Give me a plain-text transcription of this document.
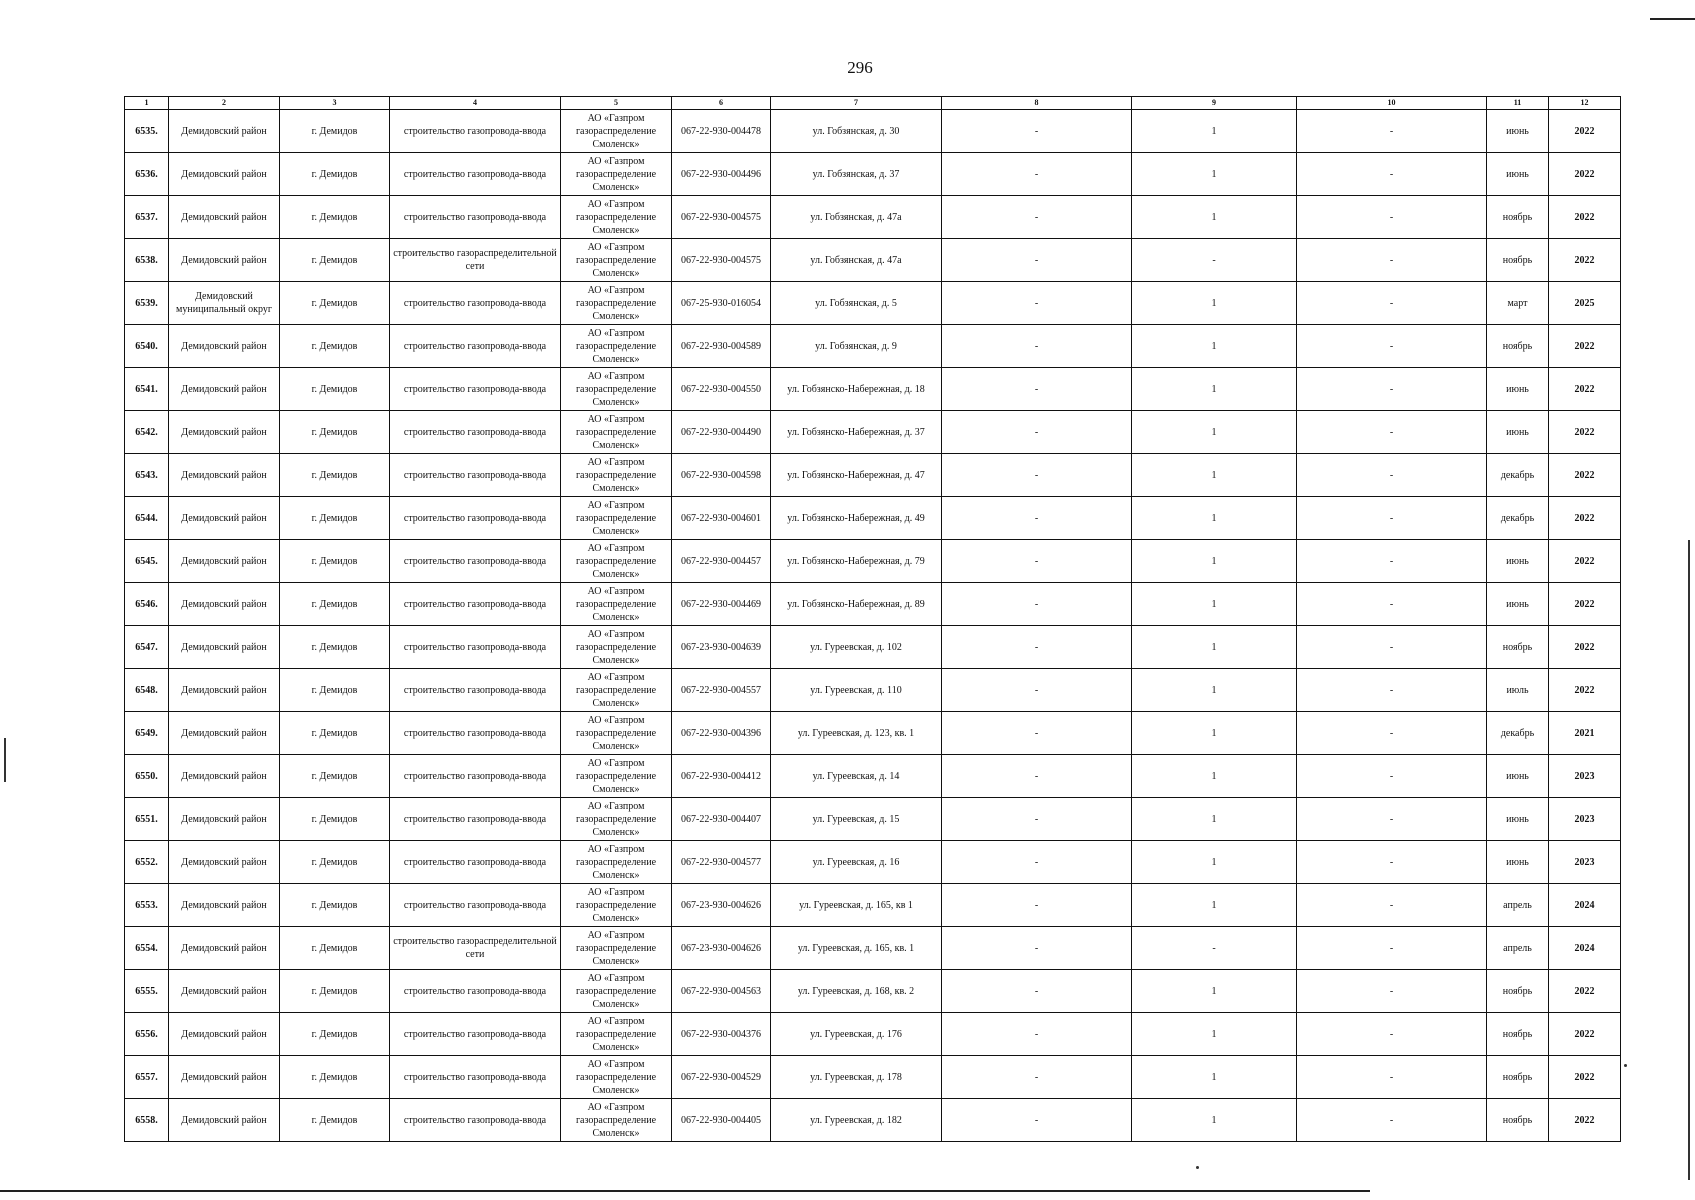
296
1	2	3	4	5	6	7	8	9	10	11	12
6535.	Демидовский район	г. Демидов	строительство газопровода-ввода	АО «Газпром
газораспределение
Смоленск»	067-22-930-004478	ул. Гобзянская, д. 30	-	1	-	июнь	2022
6536.	Демидовский район	г. Демидов	строительство газопровода-ввода	АО «Газпром
газораспределение
Смоленск»	067-22-930-004496	ул. Гобзянская, д. 37	-	1	-	июнь	2022
6537.	Демидовский район	г. Демидов	строительство газопровода-ввода	АО «Газпром
газораспределение
Смоленск»	067-22-930-004575	ул. Гобзянская, д. 47а	-	1	-	ноябрь	2022
6538.	Демидовский район	г. Демидов	строительство газораспределительной сети	АО «Газпром
газораспределение
Смоленск»	067-22-930-004575	ул. Гобзянская, д. 47а	-	-	-	ноябрь	2022
6539.	Демидовский муниципальный округ	г. Демидов	строительство газопровода-ввода	АО «Газпром
газораспределение
Смоленск»	067-25-930-016054	ул. Гобзянская, д. 5	-	1	-	март	2025
6540.	Демидовский район	г. Демидов	строительство газопровода-ввода	АО «Газпром
газораспределение
Смоленск»	067-22-930-004589	ул. Гобзянская, д. 9	-	1	-	ноябрь	2022
6541.	Демидовский район	г. Демидов	строительство газопровода-ввода	АО «Газпром
газораспределение
Смоленск»	067-22-930-004550	ул. Гобзянско-Набережная, д. 18	-	1	-	июнь	2022
6542.	Демидовский район	г. Демидов	строительство газопровода-ввода	АО «Газпром
газораспределение
Смоленск»	067-22-930-004490	ул. Гобзянско-Набережная, д. 37	-	1	-	июнь	2022
6543.	Демидовский район	г. Демидов	строительство газопровода-ввода	АО «Газпром
газораспределение
Смоленск»	067-22-930-004598	ул. Гобзянско-Набережная, д. 47	-	1	-	декабрь	2022
6544.	Демидовский район	г. Демидов	строительство газопровода-ввода	АО «Газпром
газораспределение
Смоленск»	067-22-930-004601	ул. Гобзянско-Набережная, д. 49	-	1	-	декабрь	2022
6545.	Демидовский район	г. Демидов	строительство газопровода-ввода	АО «Газпром
газораспределение
Смоленск»	067-22-930-004457	ул. Гобзянско-Набережная, д. 79	-	1	-	июнь	2022
6546.	Демидовский район	г. Демидов	строительство газопровода-ввода	АО «Газпром
газораспределение
Смоленск»	067-22-930-004469	ул. Гобзянско-Набережная, д. 89	-	1	-	июнь	2022
6547.	Демидовский район	г. Демидов	строительство газопровода-ввода	АО «Газпром
газораспределение
Смоленск»	067-23-930-004639	ул. Гуреевская, д. 102	-	1	-	ноябрь	2022
6548.	Демидовский район	г. Демидов	строительство газопровода-ввода	АО «Газпром
газораспределение
Смоленск»	067-22-930-004557	ул. Гуреевская, д. 110	-	1	-	июль	2022
6549.	Демидовский район	г. Демидов	строительство газопровода-ввода	АО «Газпром
газораспределение
Смоленск»	067-22-930-004396	ул. Гуреевская, д. 123, кв. 1	-	1	-	декабрь	2021
6550.	Демидовский район	г. Демидов	строительство газопровода-ввода	АО «Газпром
газораспределение
Смоленск»	067-22-930-004412	ул. Гуреевская, д. 14	-	1	-	июнь	2023
6551.	Демидовский район	г. Демидов	строительство газопровода-ввода	АО «Газпром
газораспределение
Смоленск»	067-22-930-004407	ул. Гуреевская, д. 15	-	1	-	июнь	2023
6552.	Демидовский район	г. Демидов	строительство газопровода-ввода	АО «Газпром
газораспределение
Смоленск»	067-22-930-004577	ул. Гуреевская, д. 16	-	1	-	июнь	2023
6553.	Демидовский район	г. Демидов	строительство газопровода-ввода	АО «Газпром
газораспределение
Смоленск»	067-23-930-004626	ул. Гуреевская, д. 165, кв 1	-	1	-	апрель	2024
6554.	Демидовский район	г. Демидов	строительство газораспределительной сети	АО «Газпром
газораспределение
Смоленск»	067-23-930-004626	ул. Гуреевская, д. 165, кв. 1	-	-	-	апрель	2024
6555.	Демидовский район	г. Демидов	строительство газопровода-ввода	АО «Газпром
газораспределение
Смоленск»	067-22-930-004563	ул. Гуреевская, д. 168, кв. 2	-	1	-	ноябрь	2022
6556.	Демидовский район	г. Демидов	строительство газопровода-ввода	АО «Газпром
газораспределение
Смоленск»	067-22-930-004376	ул. Гуреевская, д. 176	-	1	-	ноябрь	2022
6557.	Демидовский район	г. Демидов	строительство газопровода-ввода	АО «Газпром
газораспределение
Смоленск»	067-22-930-004529	ул. Гуреевская, д. 178	-	1	-	ноябрь	2022
6558.	Демидовский район	г. Демидов	строительство газопровода-ввода	АО «Газпром
газораспределение
Смоленск»	067-22-930-004405	ул. Гуреевская, д. 182	-	1	-	ноябрь	2022
